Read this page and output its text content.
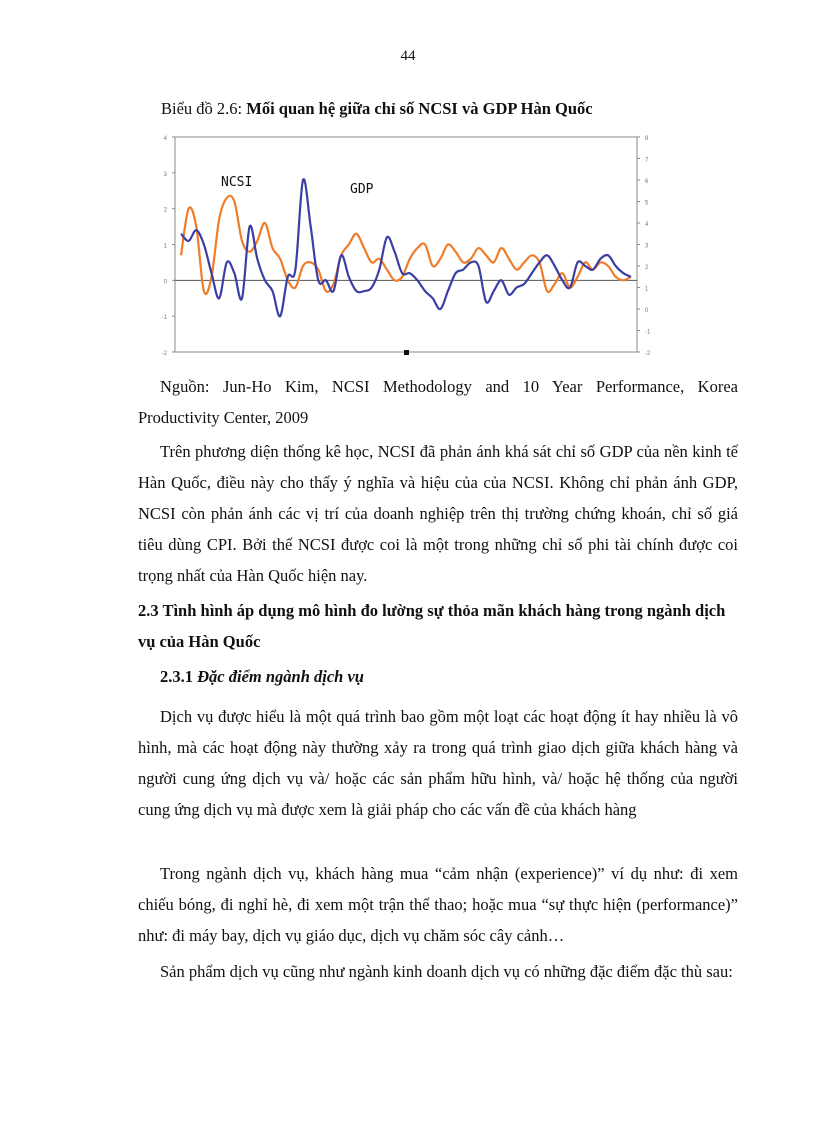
44
Biểu đồ 2.6: Mối quan hệ giữa chỉ số NCSI và GDP Hàn Quốc
4
3
2
1
0
-1
-2
8
7
6
5
4
3
2
1
0
-1
-2
NCSI	GDP
Nguồn: Jun-Ho Kim, NCSI Methodology and 10 Year Performance, Korea Productivity Center, 2009
Trên phương diện thống kê học, NCSI đã phản ánh khá sát chỉ số GDP của nền kinh tế Hàn Quốc, điều này cho thấy ý nghĩa và hiệu của của NCSI. Không chỉ phản ánh GDP, NCSI còn phản ánh các vị trí của doanh nghiệp trên thị trường chứng khoán, chỉ số giá tiêu dùng CPI. Bởi thế NCSI được coi là một trong những chỉ số phi tài chính được coi trọng nhất của Hàn Quốc hiện nay.
2.3 Tình hình áp dụng mô hình đo lường sự thỏa mãn khách hàng trong ngành dịch vụ của Hàn Quốc
2.3.1 Đặc điểm ngành dịch vụ
Dịch vụ được hiểu là một quá trình bao gồm một loạt các hoạt động ít hay nhiều là vô hình, mà các hoạt động này thường xảy ra trong quá trình giao dịch giữa khách hàng và người cung ứng dịch vụ và/ hoặc các sản phẩm hữu hình, và/ hoặc hệ thống của người cung ứng dịch vụ mà được xem là giải pháp cho các vấn đề của khách hàng
Trong ngành dịch vụ, khách hàng mua “cảm nhận (experience)” ví dụ như: đi xem chiếu bóng, đi nghỉ hè, đi xem một trận thể thao; hoặc mua “sự thực hiện (performance)” như: đi máy bay, dịch vụ giáo dục, dịch vụ chăm sóc cây cảnh…
Sản phẩm dịch vụ cũng như ngành kinh doanh dịch vụ có những đặc điểm đặc thù sau:
